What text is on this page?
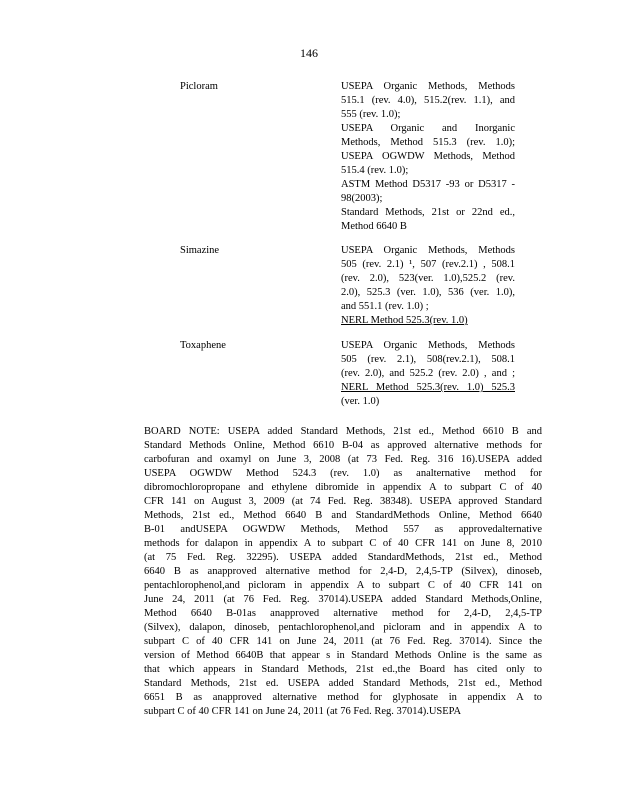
146
Picloram	USEPA Organic Methods, Methods
515.1 (rev. 4.0), 515.2(rev. 1.1), and
555 (rev. 1.0);
USEPA Organic and Inorganic
Methods, Method 515.3 (rev. 1.0);
USEPA OGWDW Methods, Method
515.4 (rev. 1.0);
ASTM Method D5317 -93 or D5317 -
98(2003);
Standard Methods, 21st or 22nd ed.,
Method 6640 B
Simazine	USEPA Organic Methods, Methods
505 (rev. 2.1) ¹, 507 (rev.2.1) , 508.1
(rev. 2.0), 523(ver. 1.0),525.2 (rev.
2.0), 525.3 (ver. 1.0), 536 (ver. 1.0),
and 551.1 (rev. 1.0) ;
NERL Method 525.3(rev. 1.0)
Toxaphene	USEPA Organic Methods, Methods
505 (rev. 2.1), 508(rev.2.1), 508.1
(rev. 2.0), and 525.2 (rev. 2.0) , and ;
NERL Method 525.3(rev. 1.0) 525.3
(ver. 1.0)
BOARD NOTE: USEPA added Standard Methods, 21st ed., Method 6610 B and
Standard Methods Online, Method 6610 B-04 as approved alternative methods for
carbofuran and oxamyl on June 3, 2008 (at 73 Fed. Reg. 316 16).USEPA added
USEPA OGWDW Method 524.3 (rev. 1.0) as analternative method for
dibromochloropropane and ethylene dibromide in appendix A to subpart C of 40
CFR 141 on August 3, 2009 (at 74 Fed. Reg. 38348). USEPA approved Standard
Methods, 21st ed., Method 6640 B and StandardMethods Online, Method 6640
B-01 andUSEPA OGWDW Methods, Method 557 as approvedalternative
methods for dalapon in appendix A to subpart C of 40 CFR 141 on June 8, 2010
(at 75 Fed. Reg. 32295). USEPA added StandardMethods, 21st ed., Method
6640 B as anapproved alternative method for 2,4-D, 2,4,5-TP (Silvex), dinoseb,
pentachlorophenol,and picloram in appendix A to subpart C of 40 CFR 141 on
June 24, 2011 (at 76 Fed. Reg. 37014).USEPA added Standard Methods,Online,
Method 6640 B-01as anapproved alternative method for 2,4-D, 2,4,5-TP
(Silvex), dalapon, dinoseb, pentachlorophenol,and picloram and in appendix A to
subpart C of 40 CFR 141 on June 24, 2011 (at 76 Fed. Reg. 37014). Since the
version of Method 6640B that appear s in Standard Methods Online is the same as
that which appears in Standard Methods, 21st ed.,the Board has cited only to
Standard Methods, 21st ed. USEPA added Standard Methods, 21st ed., Method
6651 B as anapproved alternative method for glyphosate in appendix A to
subpart C of 40 CFR 141 on June 24, 2011 (at 76 Fed. Reg. 37014).USEPA
